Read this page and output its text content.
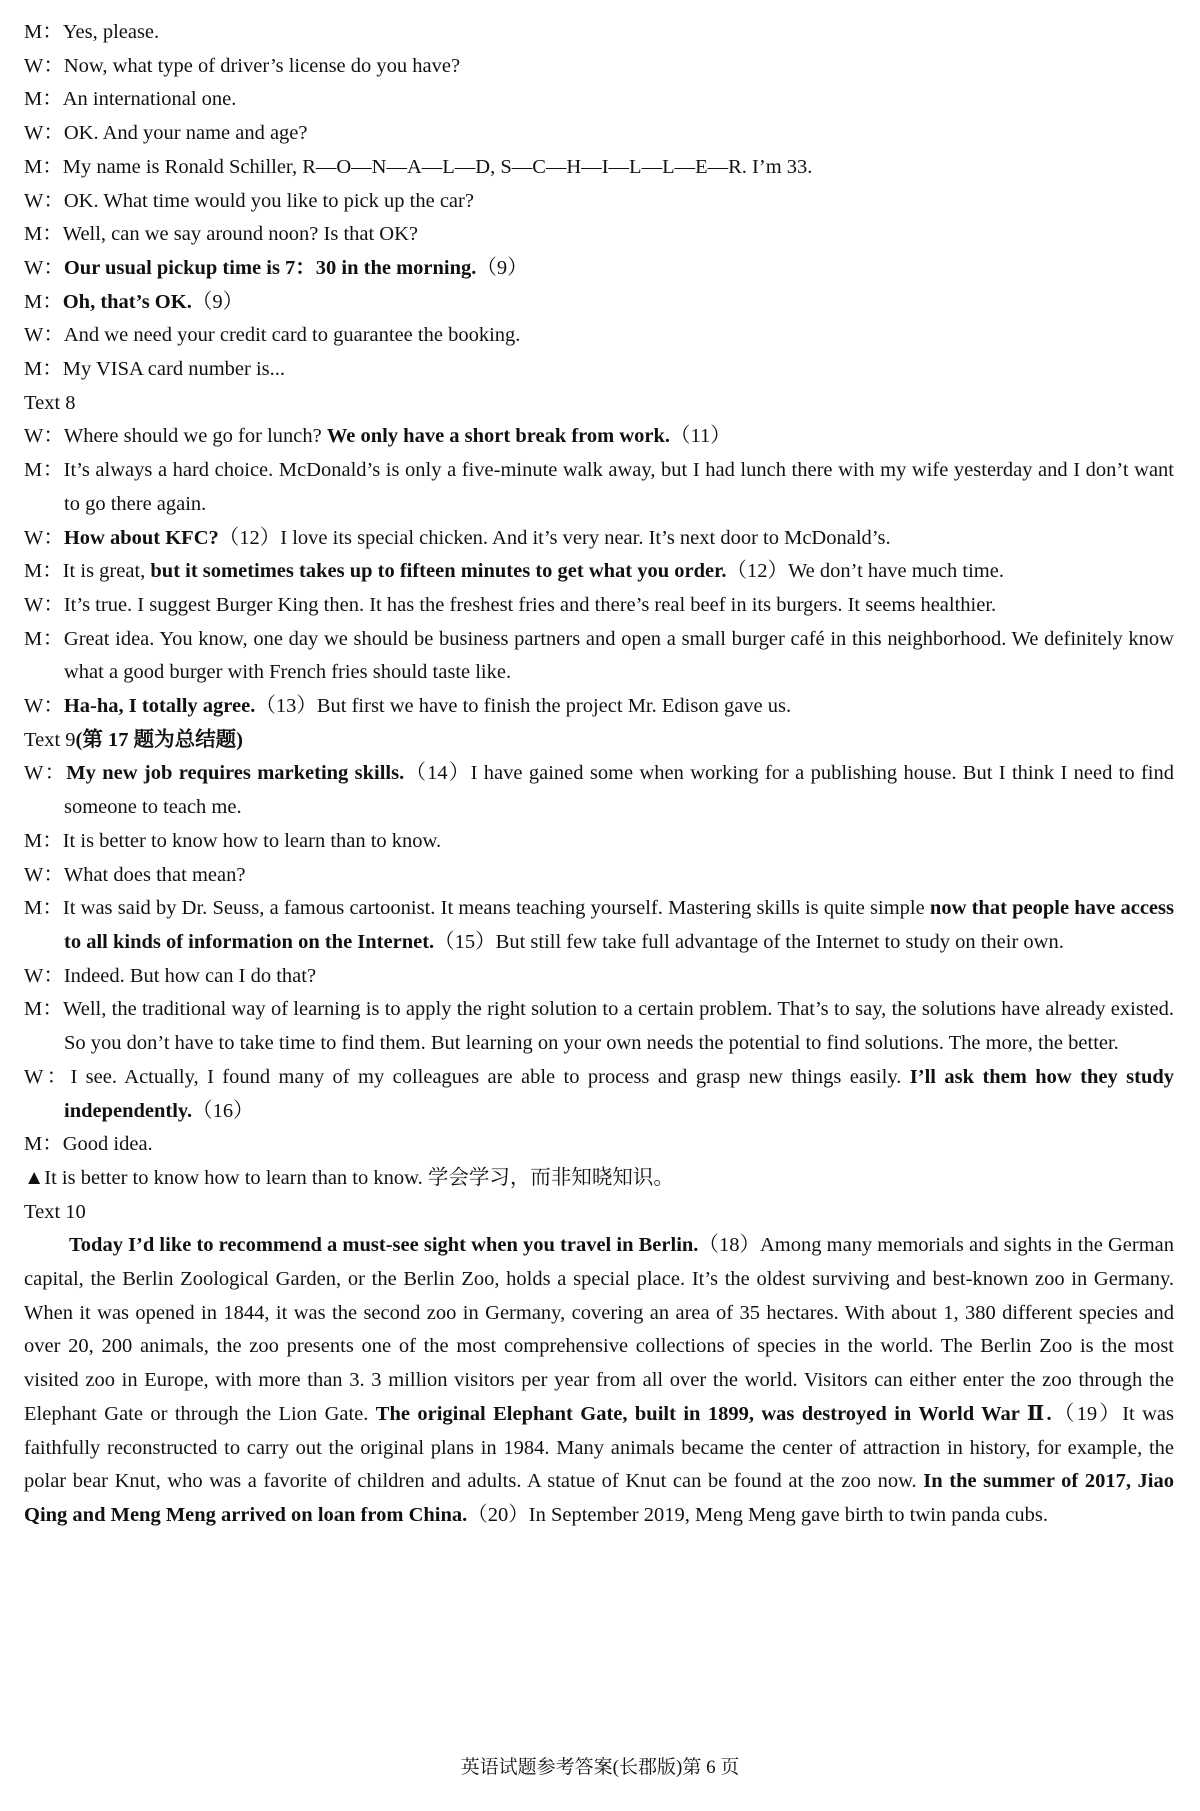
M：Yes, please.
W：Now, what type of driver’s license do you have?
M：An international one.
W：OK. And your name and age?
M：My name is Ronald Schiller, R—O—N—A—L—D, S—C—H—I—L—L—E—R. I’m 33.
W：OK. What time would you like to pick up the car?
M：Well, can we say around noon? Is that OK?
W：Our usual pickup time is 7：30 in the morning.（9）
M：Oh, that’s OK.（9）
W：And we need your credit card to guarantee the booking.
M：My VISA card number is...
Text 8
W：Where should we go for lunch? We only have a short break from work.（11）
M：It’s always a hard choice. McDonald’s is only a five-minute walk away, but I had lunch there with my wife yesterday and I don’t want to go there again.
W：How about KFC?（12）I love its special chicken. And it’s very near. It’s next door to McDonald’s.
M：It is great, but it sometimes takes up to fifteen minutes to get what you order.（12）We don’t have much time.
W：It’s true. I suggest Burger King then. It has the freshest fries and there’s real beef in its burgers. It seems healthier.
M：Great idea. You know, one day we should be business partners and open a small burger café in this neighborhood. We definitely know what a good burger with French fries should taste like.
W：Ha-ha, I totally agree.（13）But first we have to finish the project Mr. Edison gave us.
Text 9(第 17 题为总结题)
W：My new job requires marketing skills.（14）I have gained some when working for a publishing house. But I think I need to find someone to teach me.
M：It is better to know how to learn than to know.
W：What does that mean?
M：It was said by Dr. Seuss, a famous cartoonist. It means teaching yourself. Mastering skills is quite simple now that people have access to all kinds of information on the Internet.（15）But still few take full advantage of the Internet to study on their own.
W：Indeed. But how can I do that?
M：Well, the traditional way of learning is to apply the right solution to a certain problem. That’s to say, the solutions have already existed. So you don’t have to take time to find them. But learning on your own needs the potential to find solutions. The more, the better.
W：I see. Actually, I found many of my colleagues are able to process and grasp new things easily. I’ll ask them how they study independently.（16）
M：Good idea.
▲It is better to know how to learn than to know. 学会学习，而非知晓知识。
Text 10
Today I’d like to recommend a must-see sight when you travel in Berlin.（18）Among many memorials and sights in the German capital, the Berlin Zoological Garden, or the Berlin Zoo, holds a special place. It’s the oldest surviving and best-known zoo in Germany. When it was opened in 1844, it was the second zoo in Germany, covering an area of 35 hectares. With about 1, 380 different species and over 20, 200 animals, the zoo presents one of the most comprehensive collections of species in the world. The Berlin Zoo is the most visited zoo in Europe, with more than 3. 3 million visitors per year from all over the world. Visitors can either enter the zoo through the Elephant Gate or through the Lion Gate. The original Elephant Gate, built in 1899, was destroyed in World War Ⅱ.（19）It was faithfully reconstructed to carry out the original plans in 1984. Many animals became the center of attraction in history, for example, the polar bear Knut, who was a favorite of children and adults. A statue of Knut can be found at the zoo now. In the summer of 2017, Jiao Qing and Meng Meng arrived on loan from China.（20）In September 2019, Meng Meng gave birth to twin panda cubs.
英语试题参考答案(长郡版)第 6 页
